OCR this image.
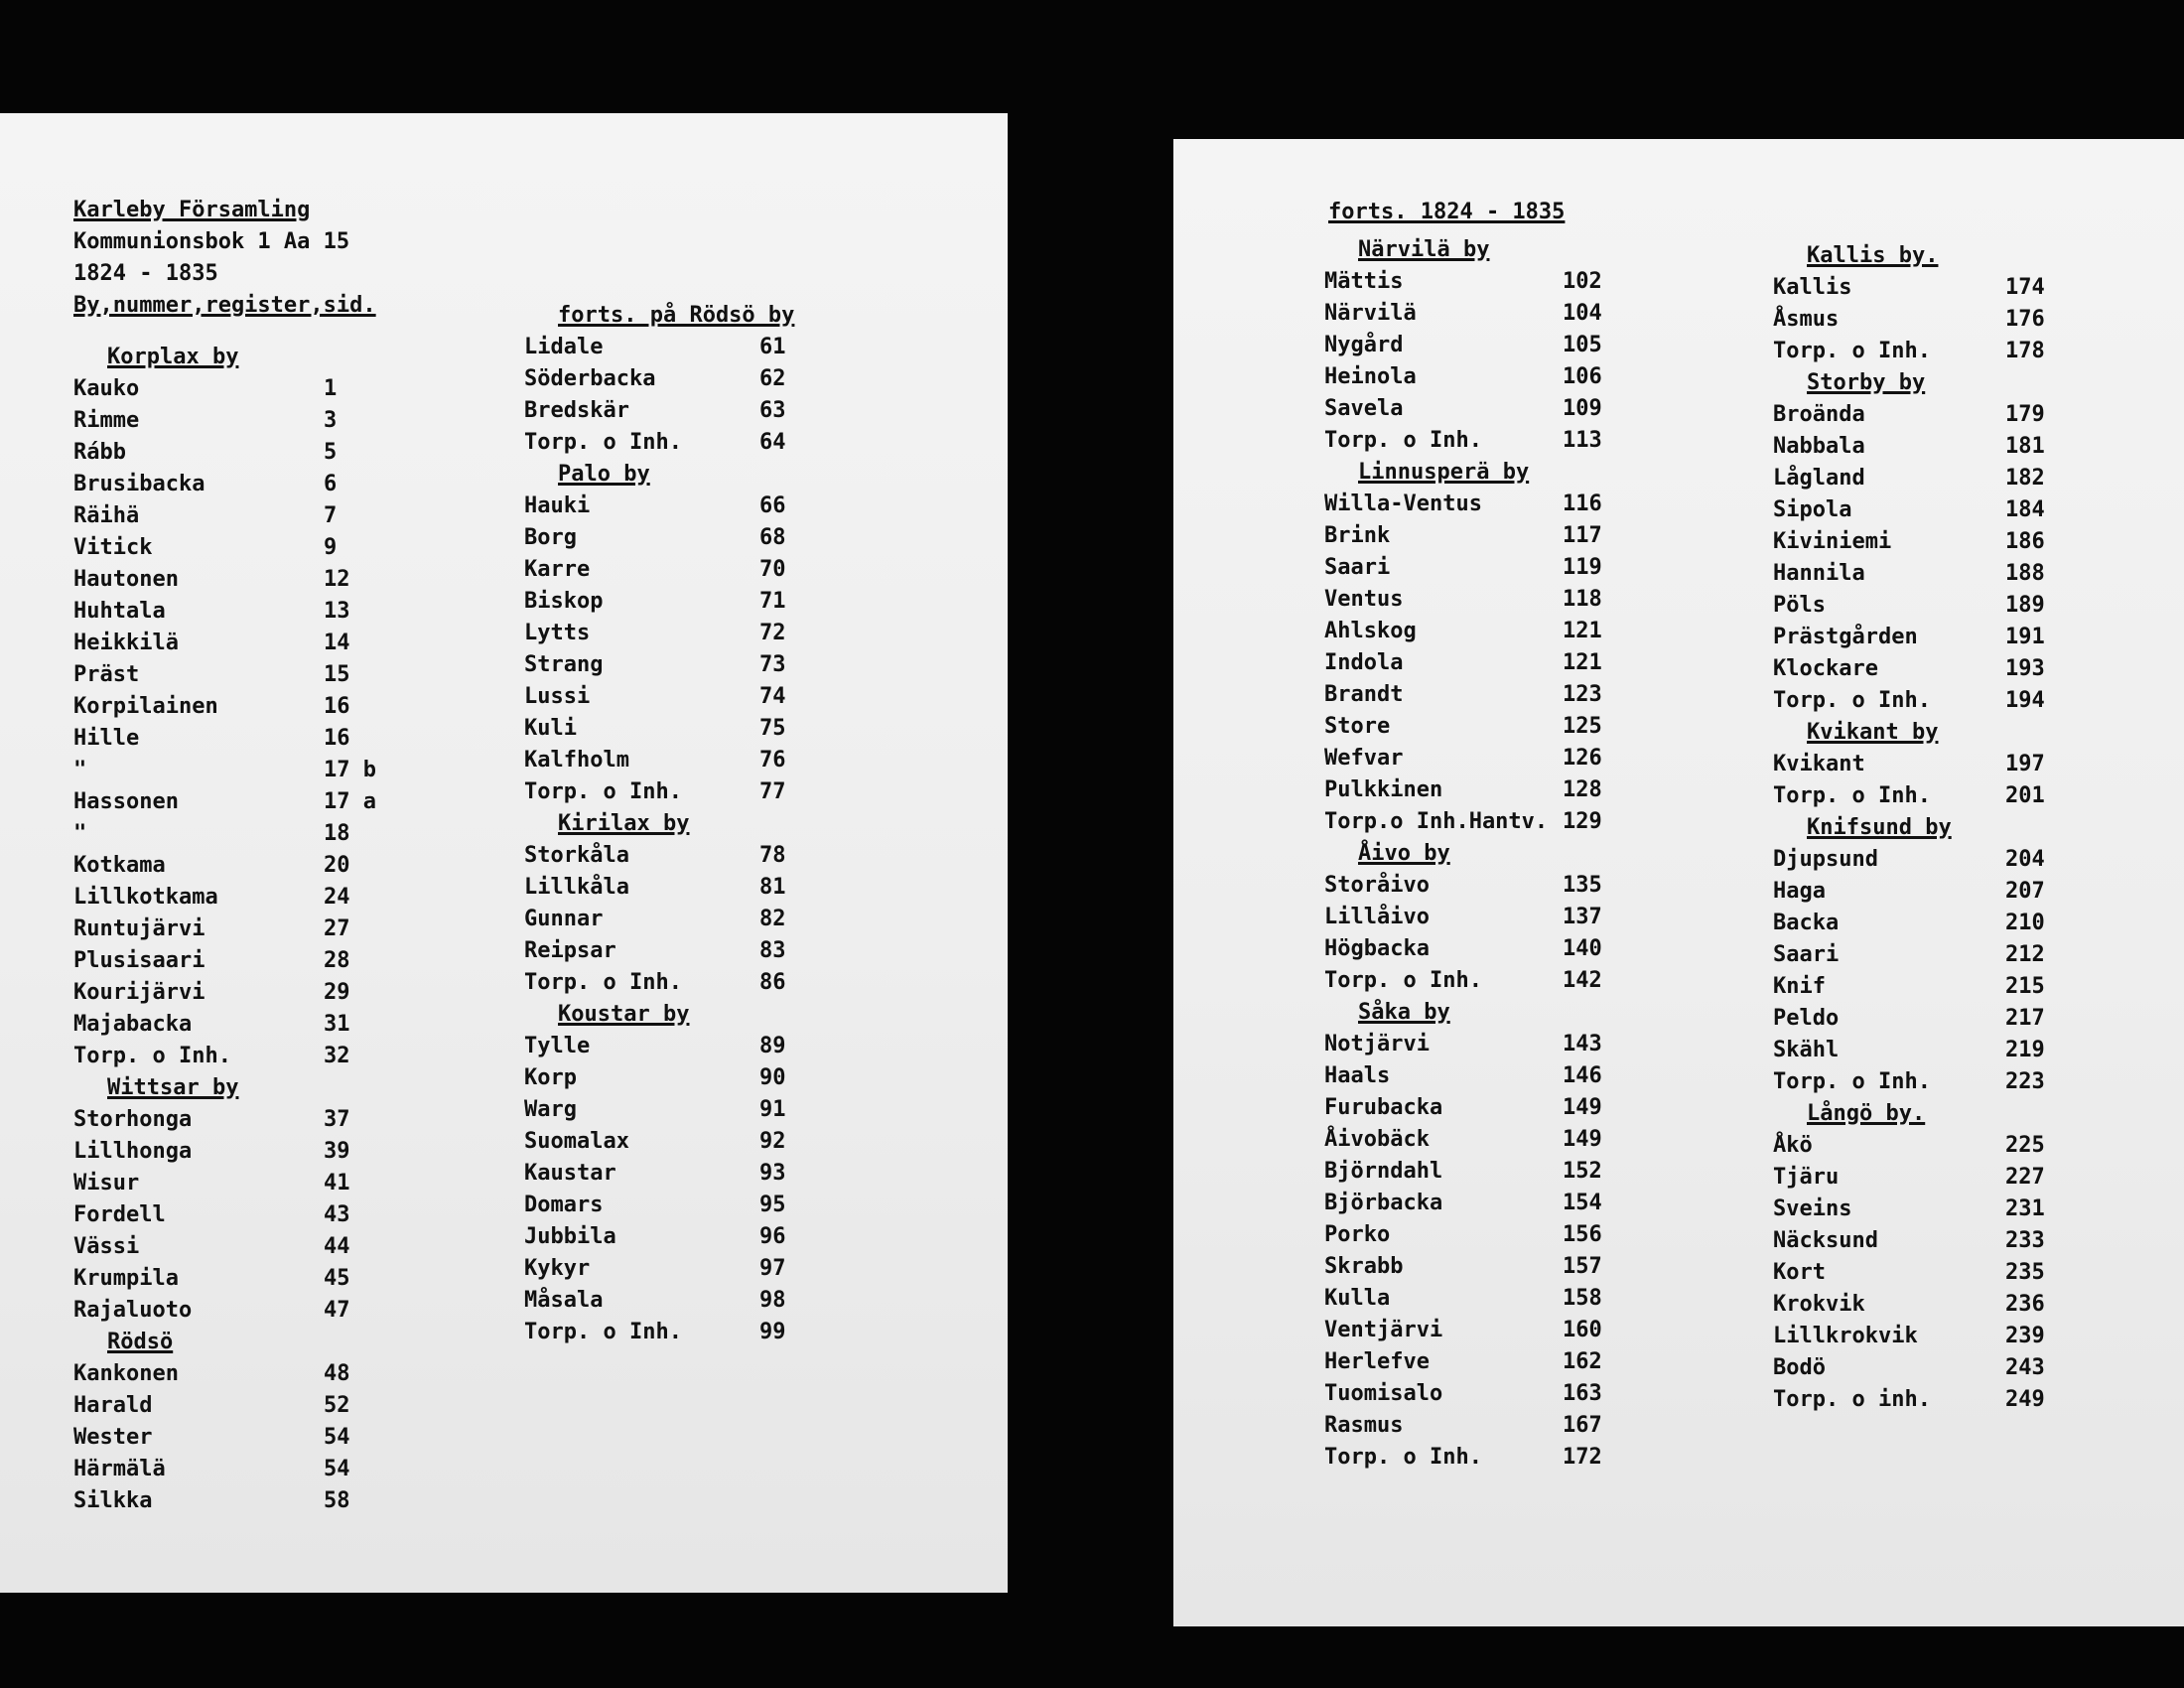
Karleby Församling
Kommunionsbok 1 Aa 15
1824 - 1835
By,nummer,register,sid.
Korplax by
Kauko	1
Rimme	3
Rább	5
Brusibacka	6
Räihä	7
Vitick	9
Hautonen	12
Huhtala	13
Heikkilä	14
Präst	15
Korpilainen	16
Hille	16
"	17 b
Hassonen	17 a
"	18
Kotkama	20
Lillkotkama	24
Runtujärvi	27
Plusisaari	28
Kourijärvi	29
Majabacka	31
Torp. o Inh.	32
Wittsar by
Storhonga	37
Lillhonga	39
Wisur	41
Fordell	43
Vässi	44
Krumpila	45
Rajaluoto	47
Rödsö
Kankonen	48
Harald	52
Wester	54
Härmälä	54
Silkka	58
forts. på Rödsö by
Lidale	61
Söderbacka	62
Bredskär	63
Torp. o Inh.	64
Palo by
Hauki	66
Borg	68
Karre	70
Biskop	71
Lytts	72
Strang	73
Lussi	74
Kuli	75
Kalfholm	76
Torp. o Inh.	77
Kirilax by
Storkåla	78
Lillkåla	81
Gunnar	82
Reipsar	83
Torp. o Inh.	86
Koustar by
Tylle	89
Korp	90
Warg	91
Suomalax	92
Kaustar	93
Domars	95
Jubbila	96
Kykyr	97
Måsala	98
Torp. o Inh.	99
forts. 1824 - 1835
Närvilä by
Mättis	102
Närvilä	104
Nygård	105
Heinola	106
Savela	109
Torp. o Inh.	113
Linnusperä by
Willa-Ventus	116
Brink	117
Saari	119
Ventus	118
Ahlskog	121
Indola	121
Brandt	123
Store	125
Wefvar	126
Pulkkinen	128
Torp.o Inh.Hantv. 129
Åivo by
Storåivo	135
Lillåivo	137
Högbacka	140
Torp. o Inh.	142
Såka by
Notjärvi	143
Haals	146
Furubacka	149
Åivobäck	149
Björndahl	152
Björbacka	154
Porko	156
Skrabb	157
Kulla	158
Ventjärvi	160
Herlefve	162
Tuomisalo	163
Rasmus	167
Torp. o Inh.	172
Kallis by.
Kallis	174
Åsmus	176
Torp. o Inh.	178
Storby by
Broända	179
Nabbala	181
Lågland	182
Sipola	184
Kiviniemi	186
Hannila	188
Pöls	189
Prästgården	191
Klockare	193
Torp. o Inh.	194
Kvikant by
Kvikant	197
Torp. o Inh.	201
Knifsund by
Djupsund	204
Haga	207
Backa	210
Saari	212
Knif	215
Peldo	217
Skähl	219
Torp. o Inh.	223
Långö by.
Åkö	225
Tjäru	227
Sveins	231
Näcksund	233
Kort	235
Krokvik	236
Lillkrokvik	239
Bodö	243
Torp. o inh.	249
